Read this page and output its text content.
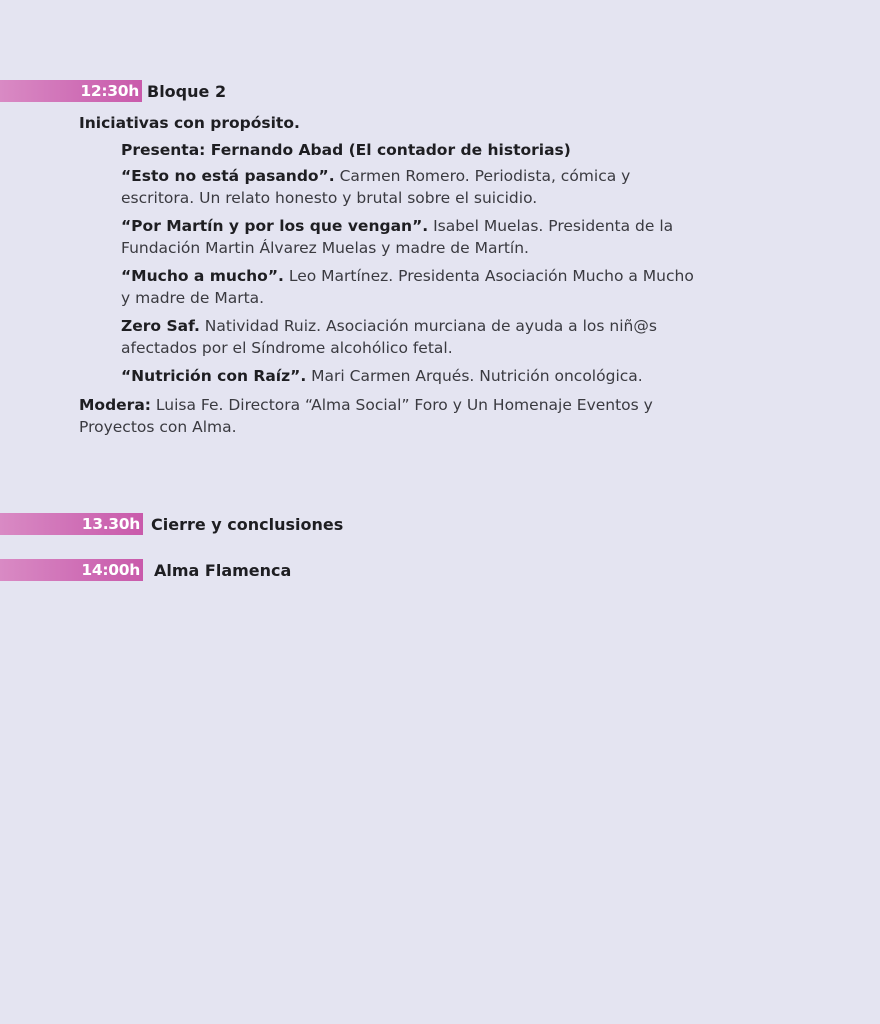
12:30h Bloque 2
Iniciativas con propósito.
Presenta: Fernando Abad (El contador de historias)
“Esto no está pasando”. Carmen Romero. Periodista, cómica y
escritora. Un relato honesto y brutal sobre el suicidio.
“Por Martín y por los que vengan”. Isabel Muelas. Presidenta de la
Fundación Martin Álvarez Muelas y madre de Martín.
“Mucho a mucho”. Leo Martínez. Presidenta Asociación Mucho a Mucho
y madre de Marta.
Zero Saf. Natividad Ruiz. Asociación murciana de ayuda a los niñ@s
afectados por el Síndrome alcohólico fetal.
“Nutrición con Raíz”. Mari Carmen Arqués. Nutrición oncológica.
Modera: Luisa Fe. Directora “Alma Social” Foro y Un Homenaje Eventos y
Proyectos con Alma.
13.30h Cierre y conclusiones
14:00h Alma Flamenca
